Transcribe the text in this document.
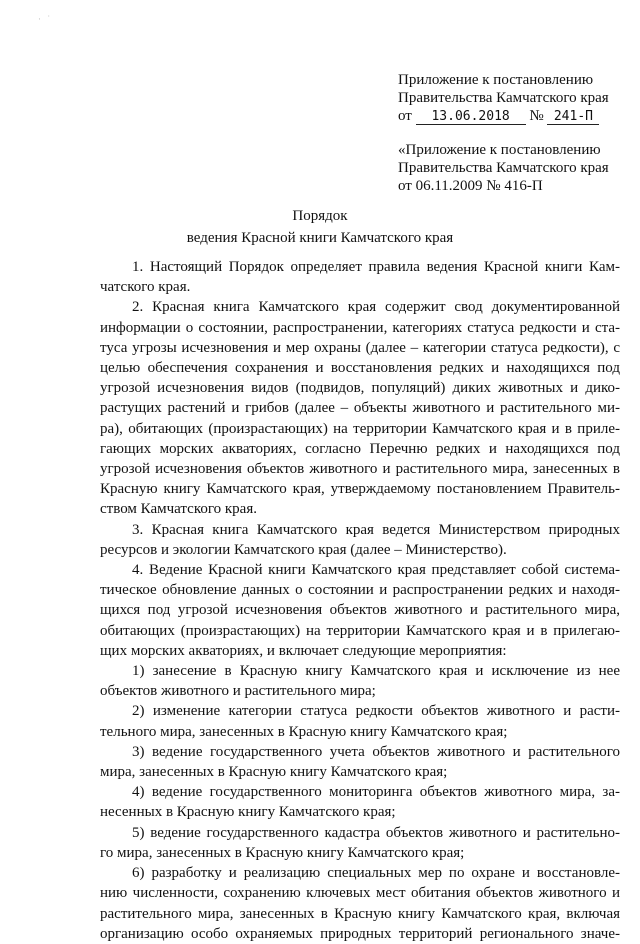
· ˙
Приложение к постановлению
Правительства Камчатского края
от 13.06.2018 № 241-П
«Приложение к постановлению
Правительства Камчатского края
от 06.11.2009 № 416-П
Порядок
ведения Красной книги Камчатского края
1. Настоящий Порядок определяет правила ведения Красной книги Кам-
чатского края.
2. Красная книга Камчатского края содержит свод документированной
информации о состоянии, распространении, категориях статуса редкости и ста-
туса угрозы исчезновения и мер охраны (далее – категории статуса редкости), с
целью обеспечения сохранения и восстановления редких и находящихся под
угрозой исчезновения видов (подвидов, популяций) диких животных и дико-
растущих растений и грибов (далее – объекты животного и растительного ми-
ра), обитающих (произрастающих) на территории Камчатского края и в приле-
гающих морских акваториях, согласно Перечню редких и находящихся под
угрозой исчезновения объектов животного и растительного мира, занесенных в
Красную книгу Камчатского края, утверждаемому постановлением Правитель-
ством Камчатского края.
3. Красная книга Камчатского края ведется Министерством природных
ресурсов и экологии Камчатского края (далее – Министерство).
4. Ведение Красной книги Камчатского края представляет собой система-
тическое обновление данных о состоянии и распространении редких и находя-
щихся под угрозой исчезновения объектов животного и растительного мира,
обитающих (произрастающих) на территории Камчатского края и в прилегаю-
щих морских акваториях, и включает следующие мероприятия:
1) занесение в Красную книгу Камчатского края и исключение из нее
объектов животного и растительного мира;
2) изменение категории статуса редкости объектов животного и расти-
тельного мира, занесенных в Красную книгу Камчатского края;
3) ведение государственного учета объектов животного и растительного
мира, занесенных в Красную книгу Камчатского края;
4) ведение государственного мониторинга объектов животного мира, за-
несенных в Красную книгу Камчатского края;
5) ведение государственного кадастра объектов животного и растительно-
го мира, занесенных в Красную книгу Камчатского края;
6) разработку и реализацию специальных мер по охране и восстановле-
нию численности, сохранению ключевых мест обитания объектов животного и
растительного мира, занесенных в Красную книгу Камчатского края, включая
организацию особо охраняемых природных территорий регионального значе-
